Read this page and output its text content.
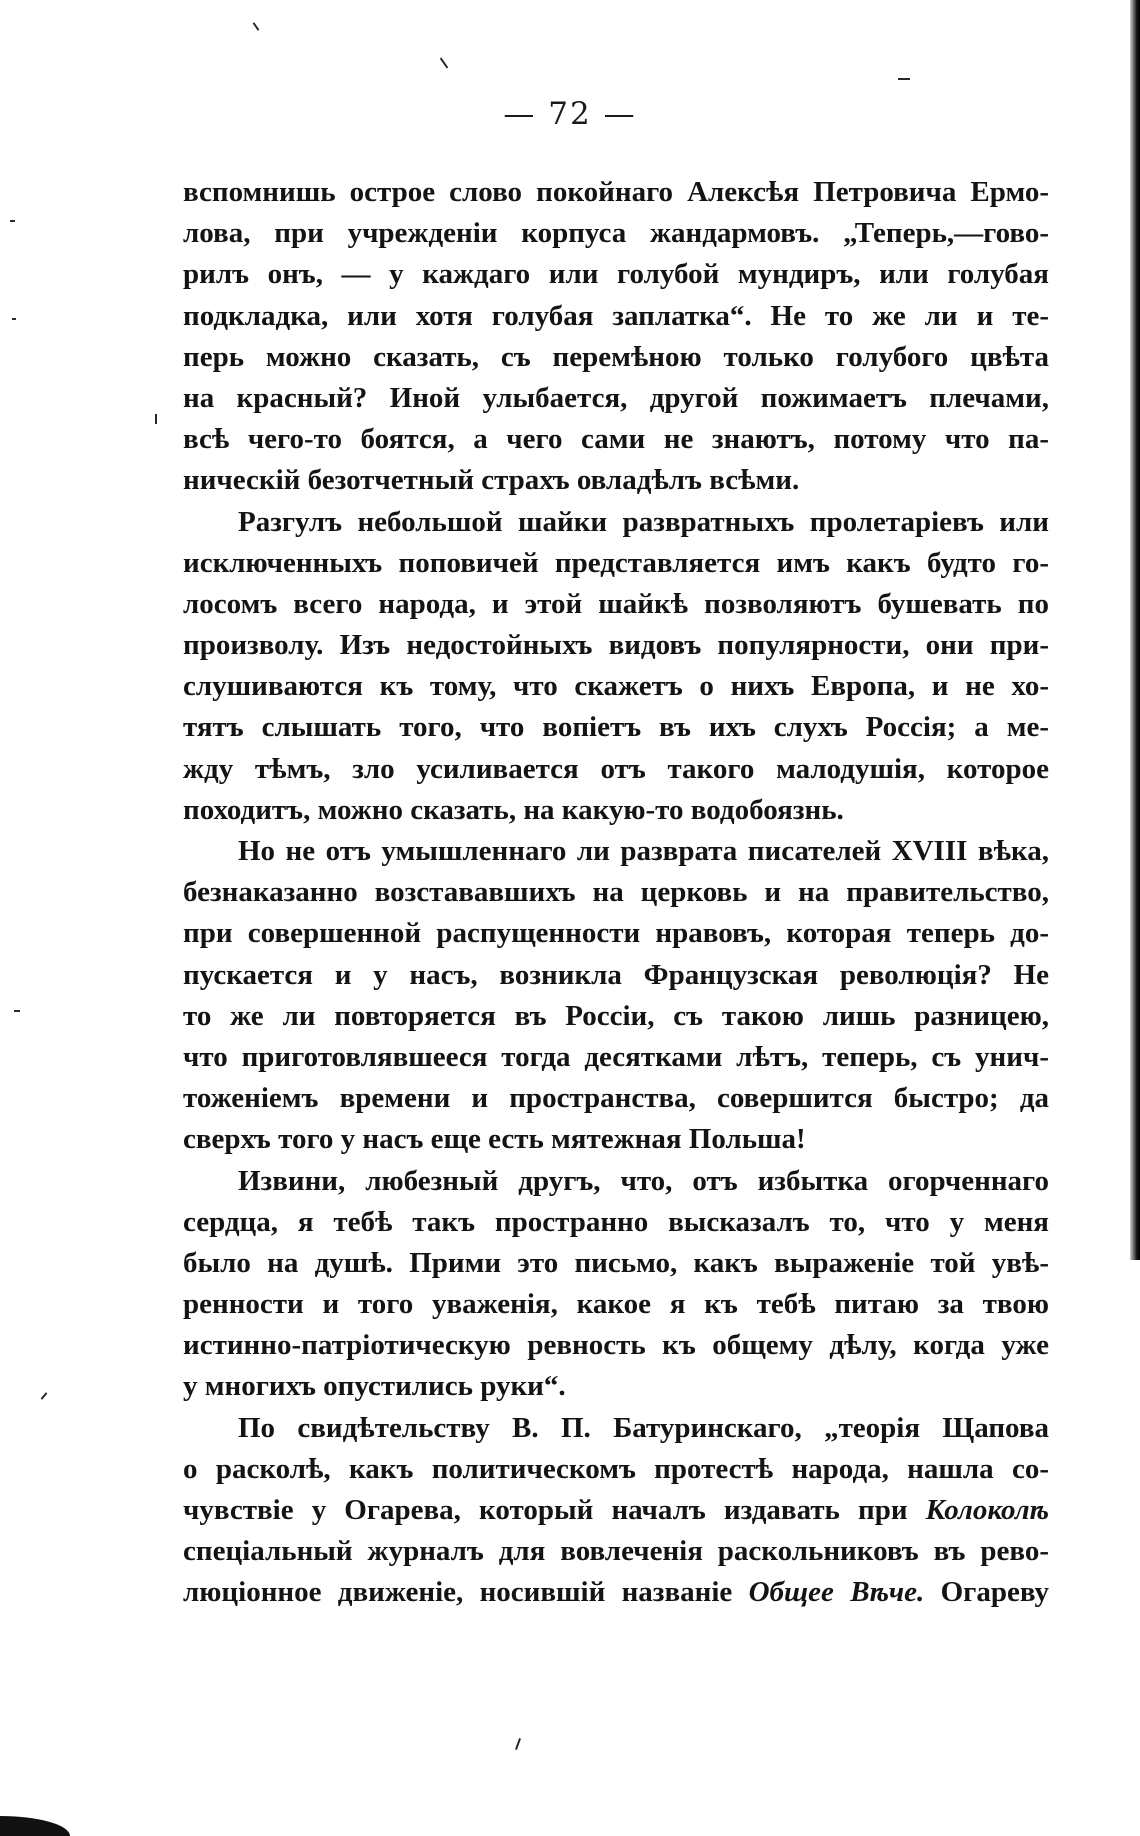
— 72 —
вспомнишь острое слово покойнаго Алексѣя Петровича Ермо-
лова, при учрежденіи корпуса жандармовъ. „Теперь,—гово-
рилъ онъ, — у каждаго или голубой мундиръ, или голубая
подкладка, или хотя голубая заплатка“. Не то же ли и те-
перь можно сказать, съ перемѣною только голубого цвѣта
на красный? Иной улыбается, другой пожимаетъ плечами,
всѣ чего-то боятся, а чего сами не знаютъ, потому что па-
ническій безотчетный страхъ овладѣлъ всѣми.
Разгулъ небольшой шайки развратныхъ пролетаріевъ или
исключенныхъ поповичей представляется имъ какъ будто го-
лосомъ всего народа, и этой шайкѣ позволяютъ бушевать по
произволу. Изъ недостойныхъ видовъ популярности, они при-
слушиваются къ тому, что скажетъ о нихъ Европа, и не хо-
тятъ слышать того, что вопіетъ въ ихъ слухъ Россія; а ме-
жду тѣмъ, зло усиливается отъ такого малодушія, которое
походитъ, можно сказать, на какую-то водобоязнь.
Но не отъ умышленнаго ли разврата писателей XVIII вѣка,
безнаказанно возстававшихъ на церковь и на правительство,
при совершенной распущенности нравовъ, которая теперь до-
пускается и у насъ, возникла Французская революція? Не
то же ли повторяется въ Россіи, съ такою лишь разницею,
что приготовлявшееся тогда десятками лѣтъ, теперь, съ унич-
тоженіемъ времени и пространства, совершится быстро; да
сверхъ того у насъ еще есть мятежная Польша!
Извини, любезный другъ, что, отъ избытка огорченнаго
сердца, я тебѣ такъ пространно высказалъ то, что у меня
было на душѣ. Прими это письмо, какъ выраженіе той увѣ-
ренности и того уваженія, какое я къ тебѣ питаю за твою
истинно-патріотическую ревность къ общему дѣлу, когда уже
у многихъ опустились руки“.
По свидѣтельству В. П. Батуринскаго, „теорія Щапова
о расколѣ, какъ политическомъ протестѣ народа, нашла со-
чувствіе у Огарева, который началъ издавать при Колоколѣ
спеціальный журналъ для вовлеченія раскольниковъ въ рево-
люціонное движеніе, носившій названіе Общее Вѣче. Огареву
